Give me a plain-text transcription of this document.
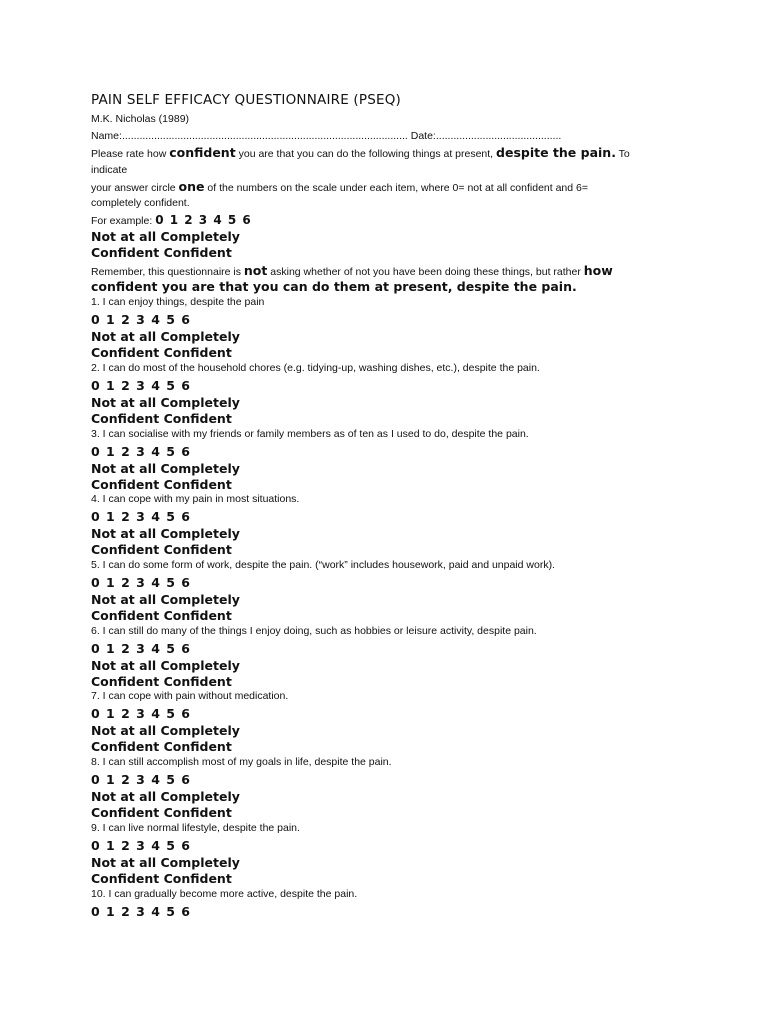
PAIN SELF EFFICACY QUESTIONNAIRE (PSEQ)
M.K. Nicholas (1989)
Name:.................................................................................................. Date:...........................................
Please rate how confident you are that you can do the following things at present, despite the pain. To
indicate
your answer circle one of the numbers on the scale under each item, where 0= not at all confident and 6=
completely confident.
For example: 0 1 2 3 4 5 6
Not at all Completely
Confident Confident
Remember, this questionnaire is not asking whether of not you have been doing these things, but rather how
confident you are that you can do them at present, despite the pain.
1. I can enjoy things, despite the pain
0 1 2 3 4 5 6
Not at all Completely
Confident Confident
2. I can do most of the household chores (e.g. tidying-up, washing dishes, etc.), despite the pain.
0 1 2 3 4 5 6
Not at all Completely
Confident Confident
3. I can socialise with my friends or family members as of ten as I used to do, despite the pain.
0 1 2 3 4 5 6
Not at all Completely
Confident Confident
4. I can cope with my pain in most situations.
0 1 2 3 4 5 6
Not at all Completely
Confident Confident
5. I can do some form of work, despite the pain. (“work” includes housework, paid and unpaid work).
0 1 2 3 4 5 6
Not at all Completely
Confident Confident
6. I can still do many of the things I enjoy doing, such as hobbies or leisure activity, despite pain.
0 1 2 3 4 5 6
Not at all Completely
Confident Confident
7. I can cope with pain without medication.
0 1 2 3 4 5 6
Not at all Completely
Confident Confident
8. I can still accomplish most of my goals in life, despite the pain.
0 1 2 3 4 5 6
Not at all Completely
Confident Confident
9. I can live normal lifestyle, despite the pain.
0 1 2 3 4 5 6
Not at all Completely
Confident Confident
10. I can gradually become more active, despite the pain.
0 1 2 3 4 5 6
